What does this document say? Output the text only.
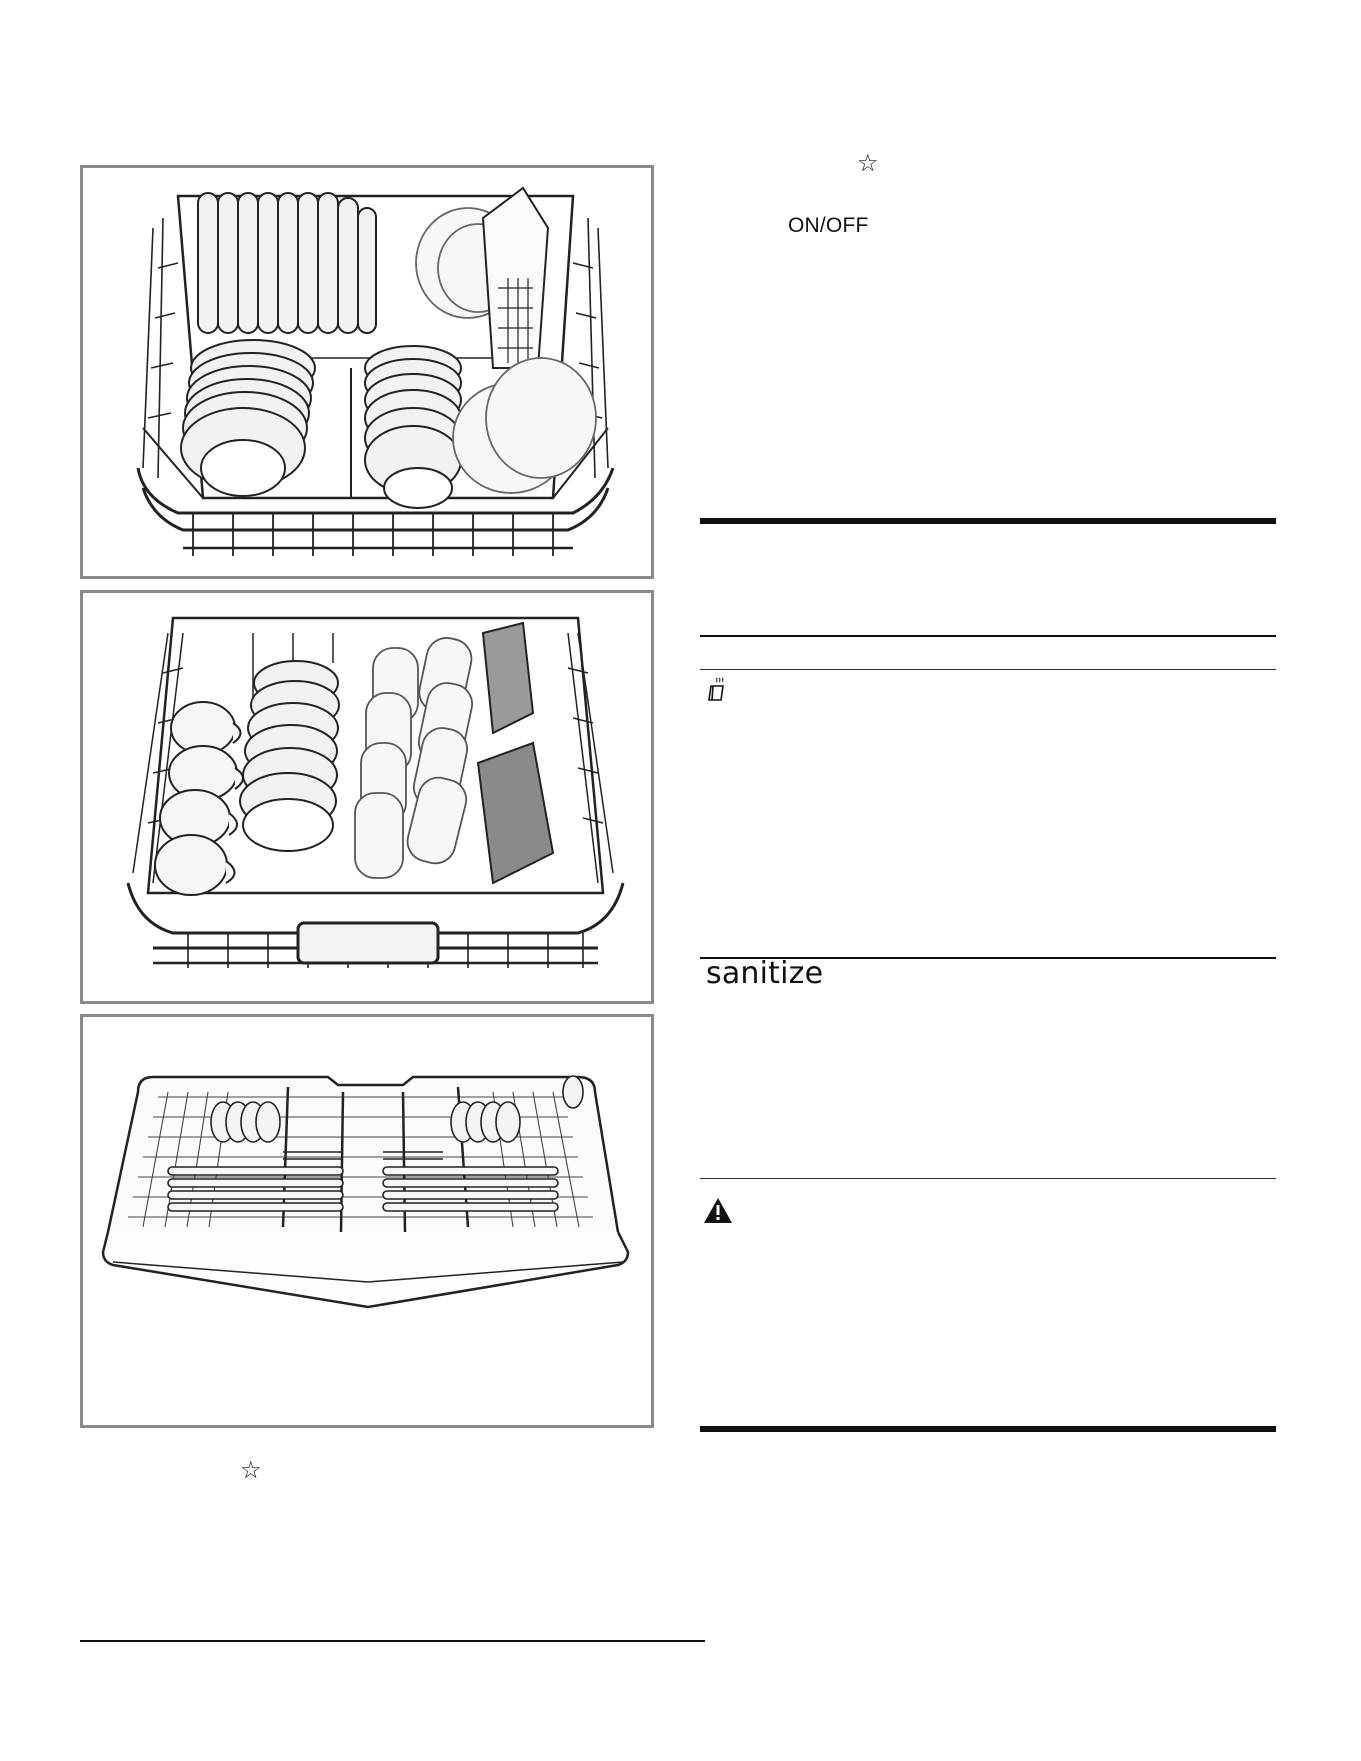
☆
ON/OFF
sanitize
☆
